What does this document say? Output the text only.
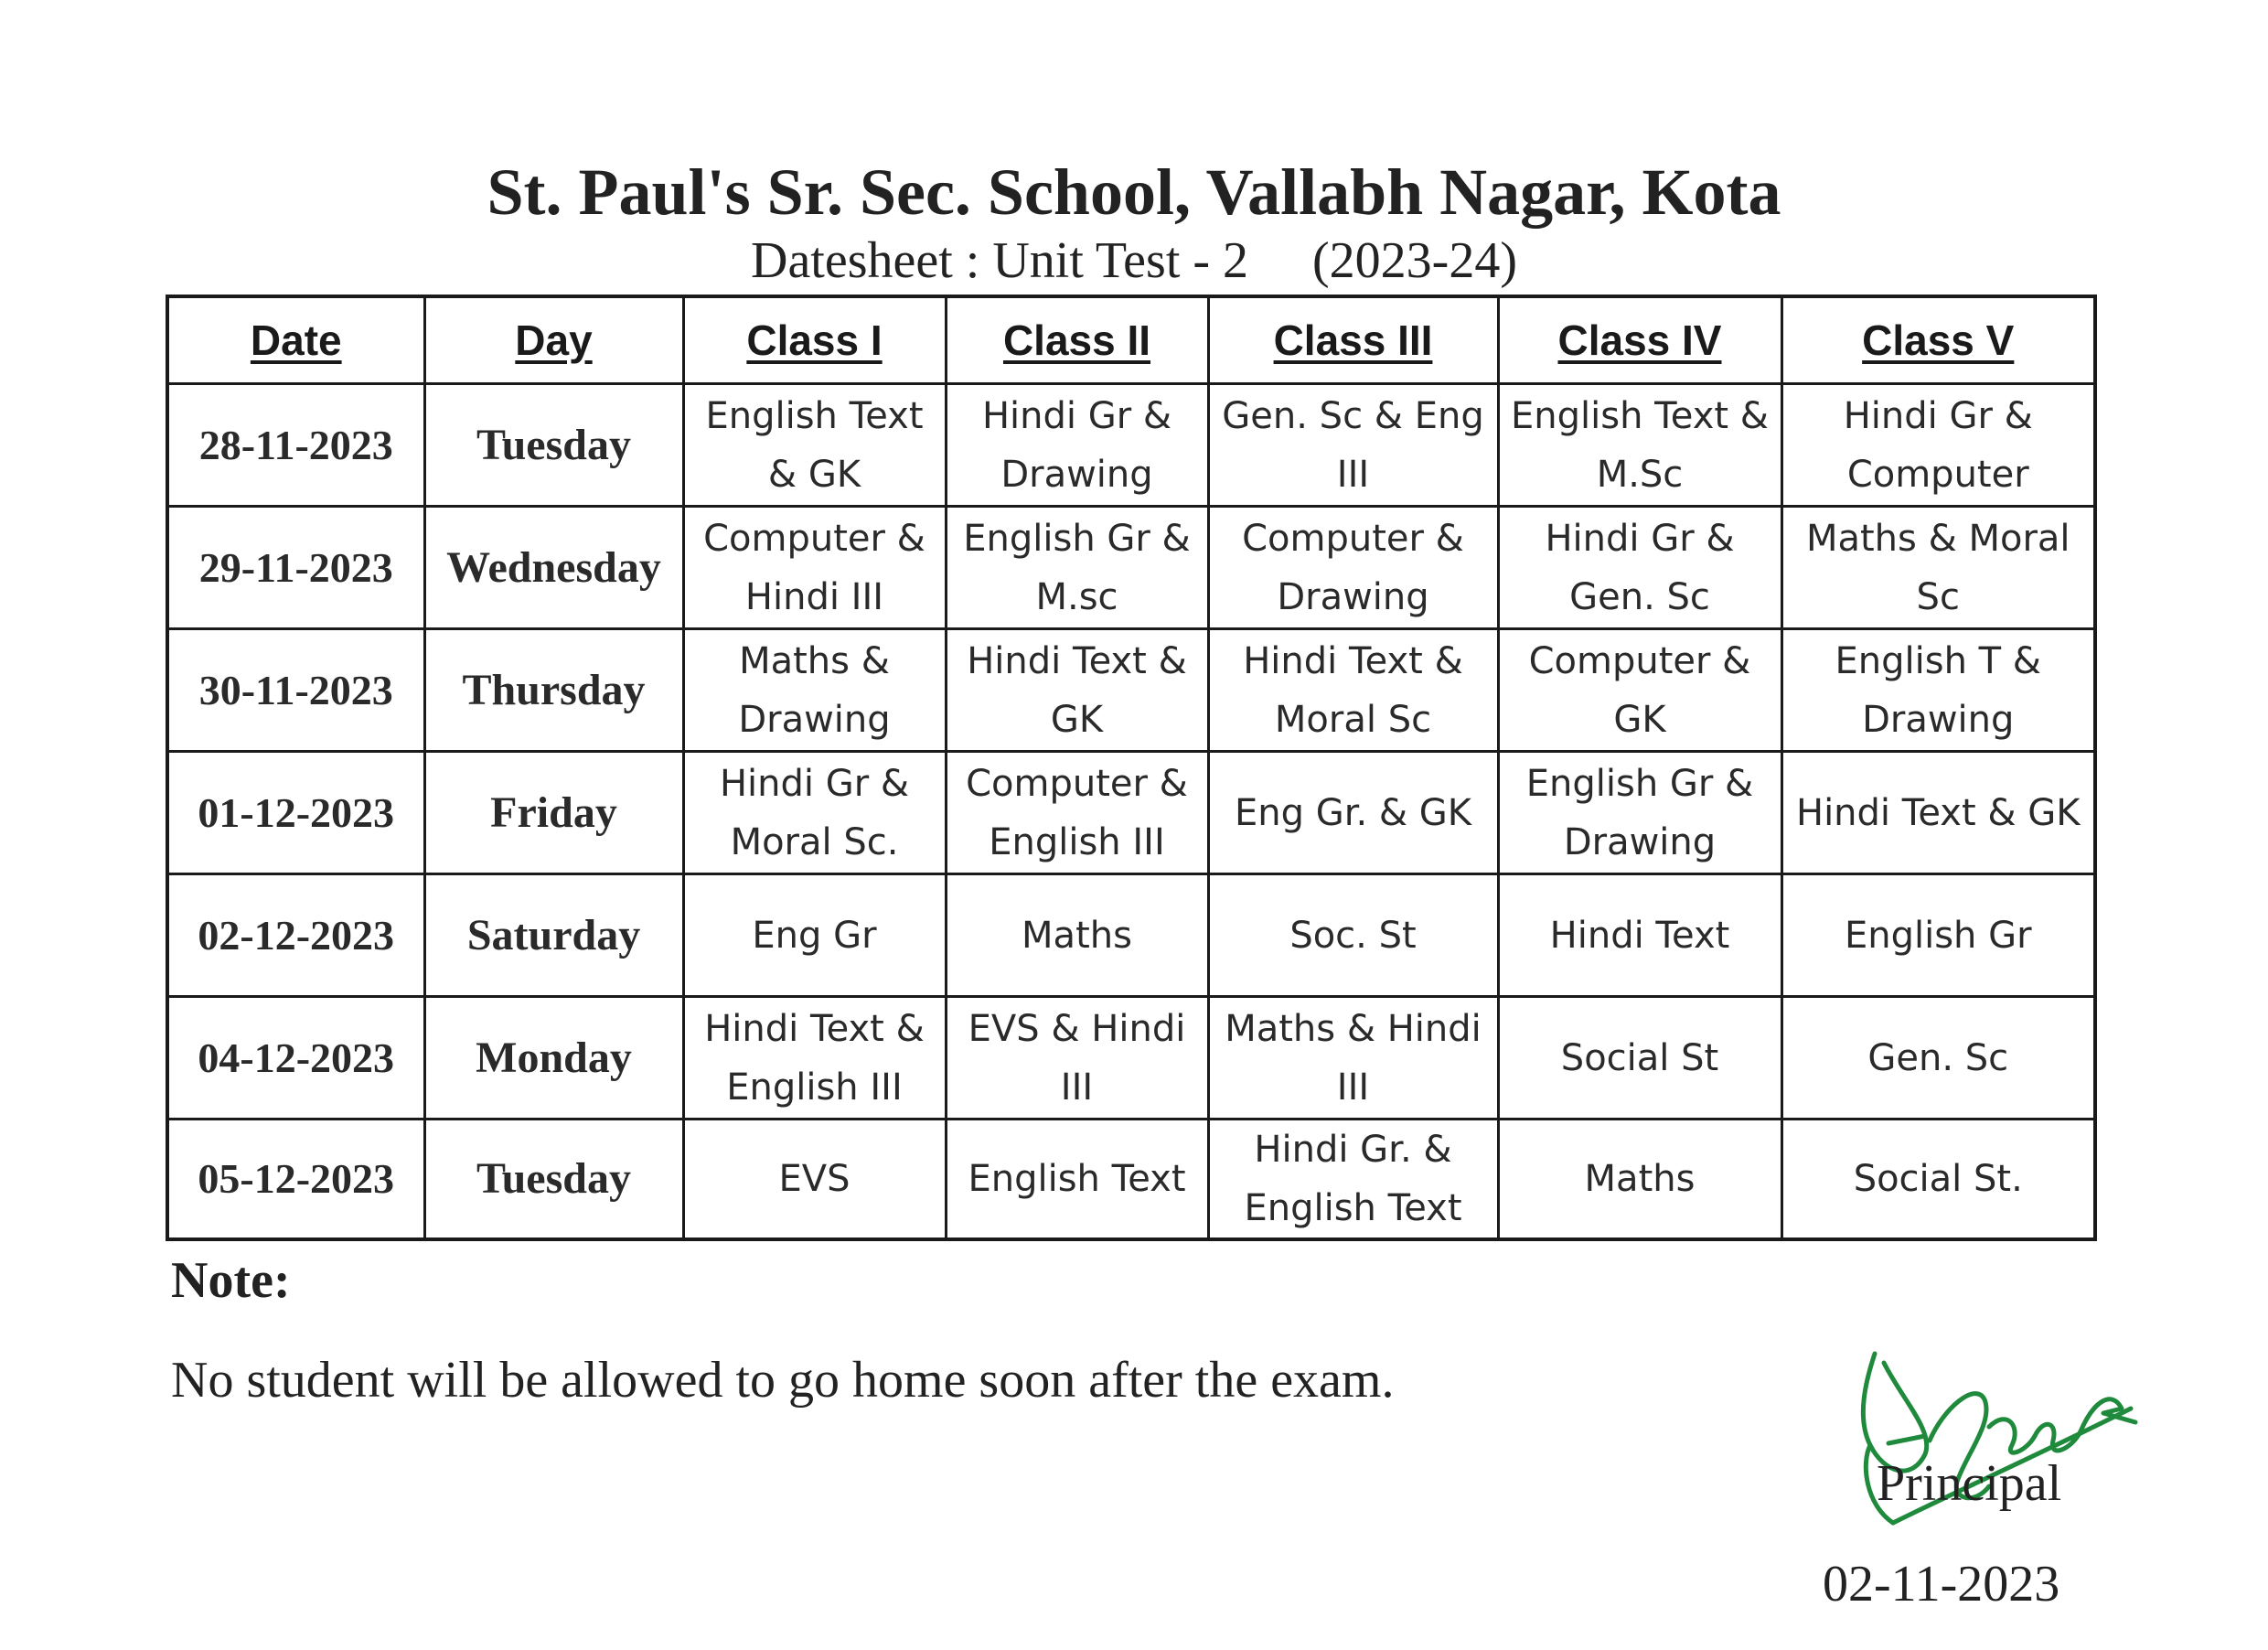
St. Paul's Sr. Sec. School, Vallabh Nagar, Kota
Datesheet : Unit Test - 2 (2023-24)
Date	Day	Class I	Class II	Class III	Class IV	Class V
28-11-2023	Tuesday	English Text & GK	Hindi Gr & Drawing	Gen. Sc & Eng III	English Text & M.Sc	Hindi Gr & Computer
29-11-2023	Wednesday	Computer & Hindi III	English Gr & M.sc	Computer & Drawing	Hindi Gr & Gen. Sc	Maths & Moral Sc
30-11-2023	Thursday	Maths & Drawing	Hindi Text & GK	Hindi Text & Moral Sc	Computer & GK	English T & Drawing
01-12-2023	Friday	Hindi Gr & Moral Sc.	Computer & English III	Eng Gr. & GK	English Gr & Drawing	Hindi Text & GK
02-12-2023	Saturday	Eng Gr	Maths	Soc. St	Hindi Text	English Gr
04-12-2023	Monday	Hindi Text & English III	EVS & Hindi III	Maths & Hindi III	Social St	Gen. Sc
05-12-2023	Tuesday	EVS	English Text	Hindi Gr. & English Text	Maths	Social St.
Note:
No student will be allowed to go home soon after the exam.
Principal
02-11-2023
